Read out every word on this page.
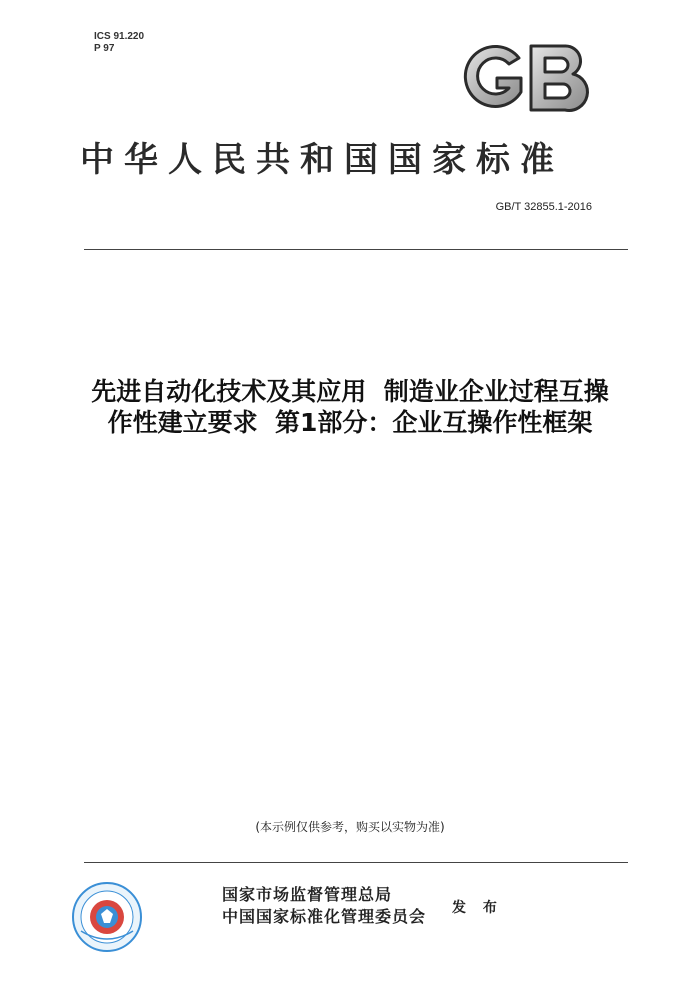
ICS 91.220
P 97
中华人民共和国国家标准
GB/T 32855.1-2016
先进自动化技术及其应用  制造业企业过程互操
作性建立要求  第1部分：企业互操作性框架
(本示例仅供参考，购买以实物为准)
国家市场监督管理总局
中国国家标准化管理委员会 发 布
